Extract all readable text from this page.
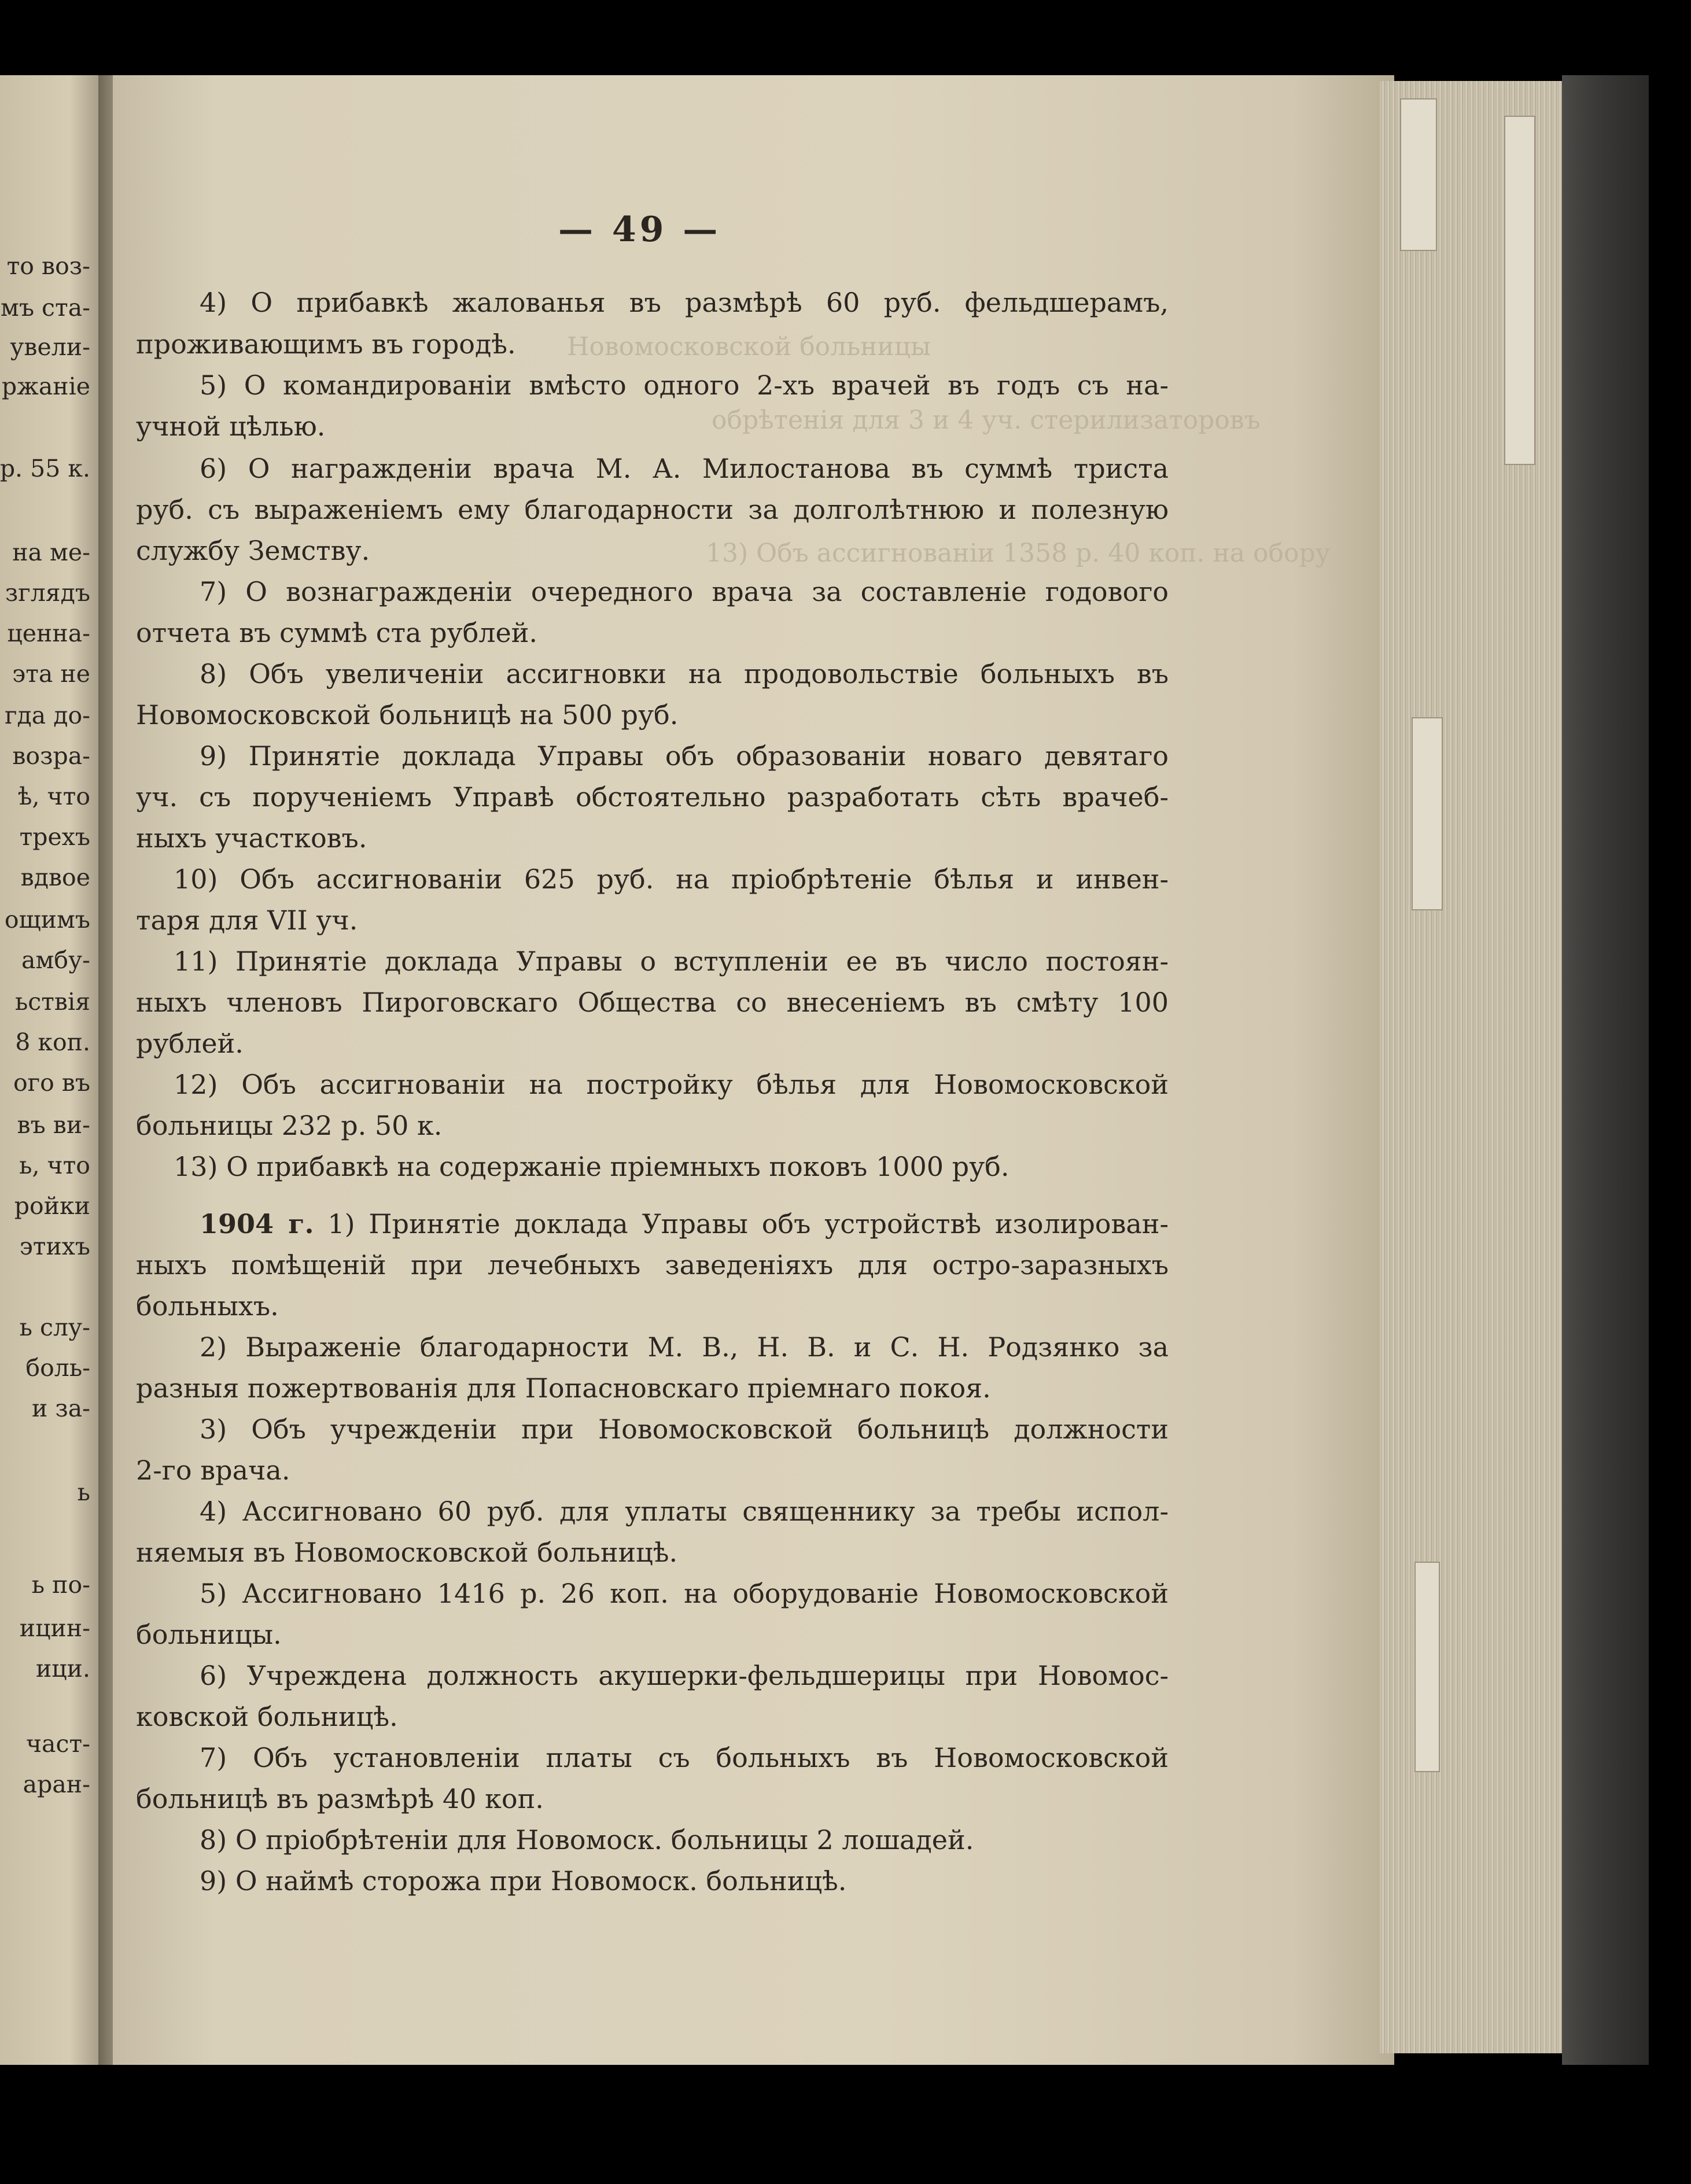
то воз-
мъ ста-
увели-
ржаніе
р. 55 к.
на ме-
зглядъ
ценна-
эта не
гда до-
возра-
ѣ, что
трехъ
вдвое
ощимъ
амбу-
ьствія
8 коп.
ого въ
въ ви-
ь, что
ройки
этихъ
ь слу-
боль-
и за-
ь
ь по-
ицин-
ици.
част-
аран-
Новомосковской больницы
обрѣтенія для 3 и 4 уч. стерилизаторовъ
13) Объ ассигнованіи 1358 р. 40 коп. на обору
— 49 —
4) О прибавкѣ жалованья въ размѣрѣ 60 руб. фельдшерамъ,
проживающимъ въ городѣ.
5) О командированіи вмѣсто одного 2-хъ врачей въ годъ съ на-
учной цѣлью.
6) О награжденіи врача М. А. Милостанова въ суммѣ триста
руб. съ выраженіемъ ему благодарности за долголѣтнюю и полезную
службу Земству.
7) О вознагражденіи очередного врача за составленіе годового
отчета въ суммѣ ста рублей.
8) Объ увеличеніи ассигновки на продовольствіе больныхъ въ
Новомосковской больницѣ на 500 руб.
9) Принятіе доклада Управы объ образованіи новаго девятаго
уч. съ порученіемъ Управѣ обстоятельно разработать сѣть врачеб-
ныхъ участковъ.
10) Объ ассигнованіи 625 руб. на пріобрѣтеніе бѣлья и инвен-
таря для VII уч.
11) Принятіе доклада Управы о вступленіи ее въ число постоян-
ныхъ членовъ Пироговскаго Общества со внесеніемъ въ смѣту 100
рублей.
12) Объ ассигнованіи на постройку бѣлья для Новомосковской
больницы 232 р. 50 к.
13) О прибавкѣ на содержаніе пріемныхъ поковъ 1000 руб.
1904 г. 1) Принятіе доклада Управы объ устройствѣ изолирован-
ныхъ помѣщеній при лечебныхъ заведеніяхъ для остро-заразныхъ
больныхъ.
2) Выраженіе благодарности М. В., Н. В. и С. Н. Родзянко за
разныя пожертвованія для Попасновскаго пріемнаго покоя.
3) Объ учрежденіи при Новомосковской больницѣ должности
2-го врача.
4) Ассигновано 60 руб. для уплаты священнику за требы испол-
няемыя въ Новомосковской больницѣ.
5) Ассигновано 1416 р. 26 коп. на оборудованіе Новомосковской
больницы.
6) Учреждена должность акушерки-фельдшерицы при Новомос-
ковской больницѣ.
7) Объ установленіи платы съ больныхъ въ Новомосковской
больницѣ въ размѣрѣ 40 коп.
8) О пріобрѣтеніи для Новомоск. больницы 2 лошадей.
9) О наймѣ сторожа при Новомоск. больницѣ.
